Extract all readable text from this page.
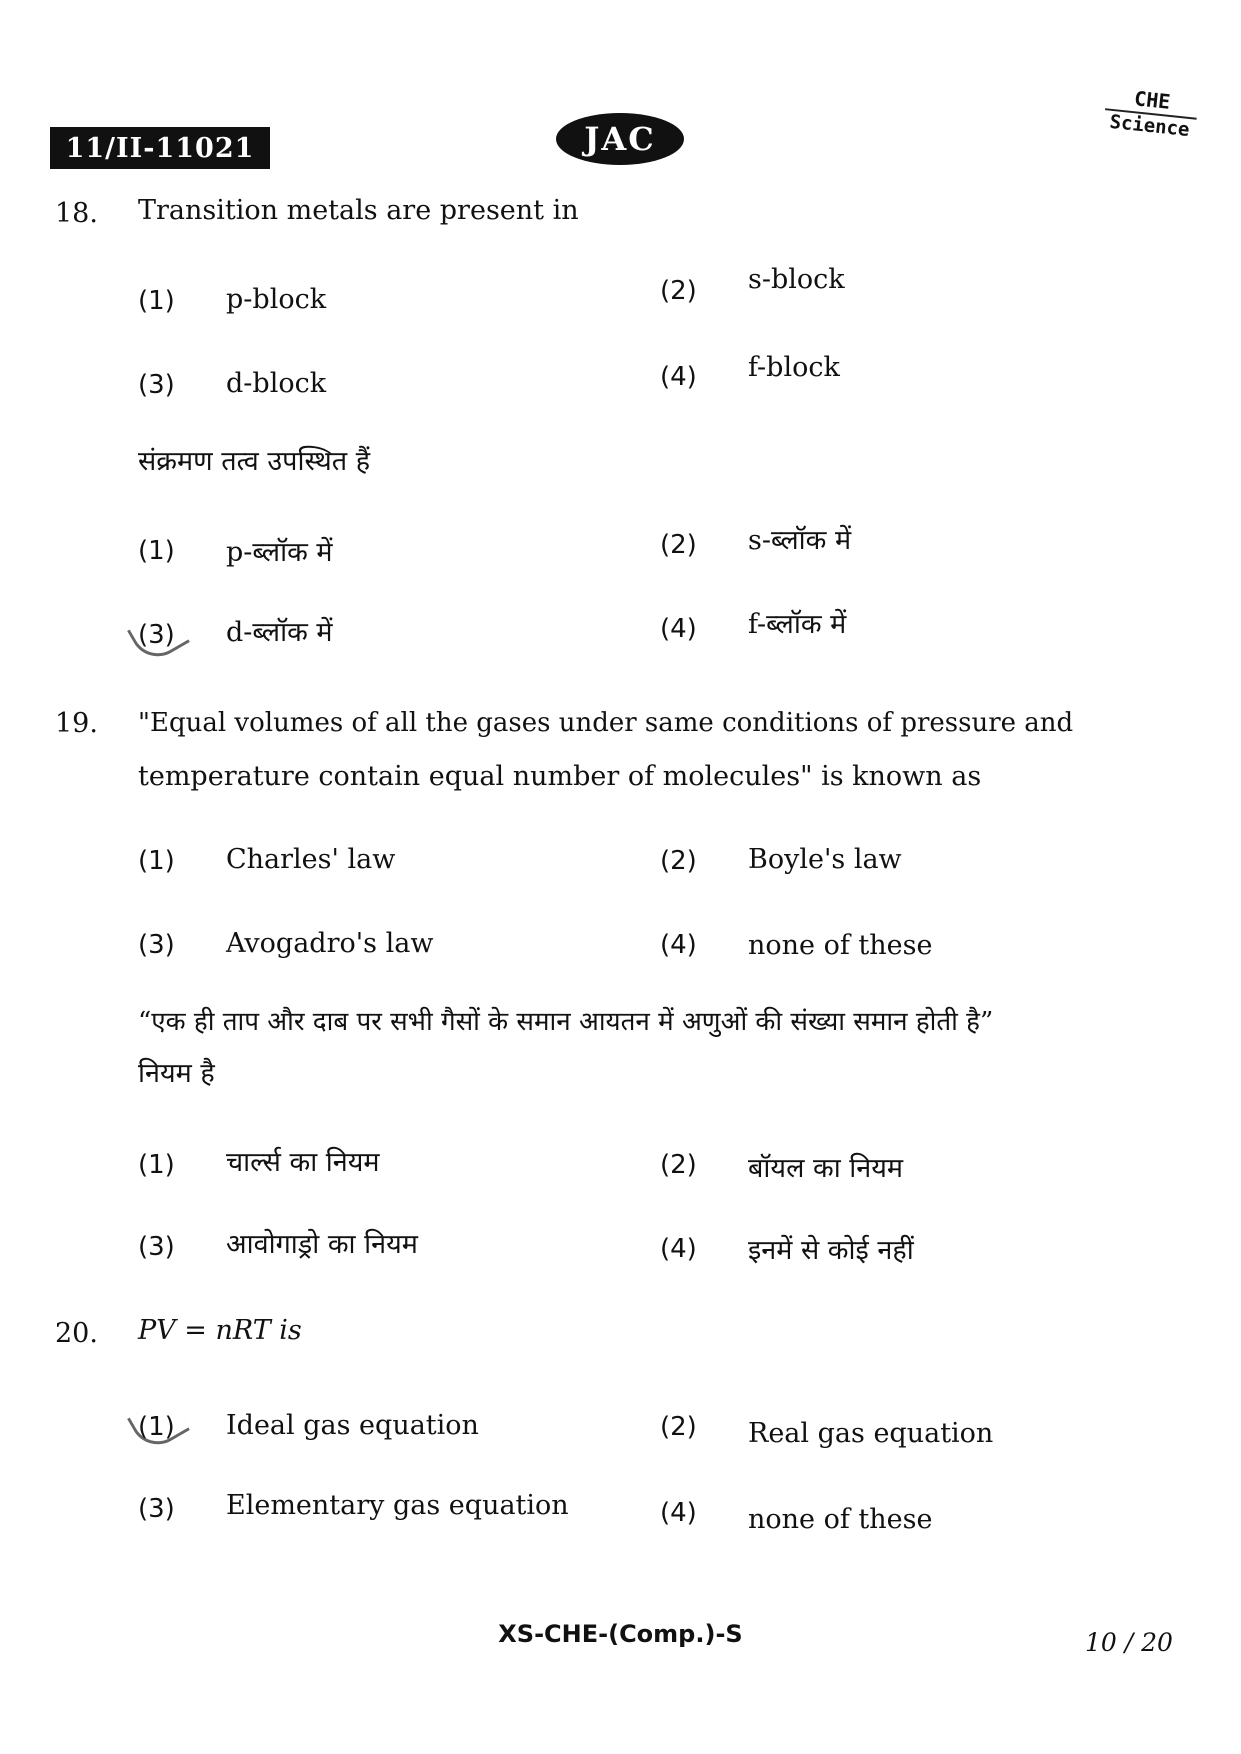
11/II-11021	JAC
CHE
Science
18. Transition metals are present in
(1) p-block	(2) s-block
(3) d-block	(4) f-block
संक्रमण तत्व उपस्थित हैं
(1) p-ब्लॉक में	(2) s-ब्लॉक में
(3) d-ब्लॉक में	(4) f-ब्लॉक में
19. "Equal volumes of all the gases under same conditions of pressure and
temperature contain equal number of molecules" is known as
(1) Charles' law	(2) Boyle's law
(3) Avogadro's law	(4) none of these
“एक ही ताप और दाब पर सभी गैसों के समान आयतन में अणुओं की संख्या समान होती है”
नियम है
(1) चार्ल्स का नियम	(2) बॉयल का नियम
(3) आवोगाड्रो का नियम	(4) इनमें से कोई नहीं
20. PV = nRT is
(1) Ideal gas equation	(2) Real gas equation
(3) Elementary gas equation	(4) none of these
XS-CHE-(Comp.)-S	10 / 20
